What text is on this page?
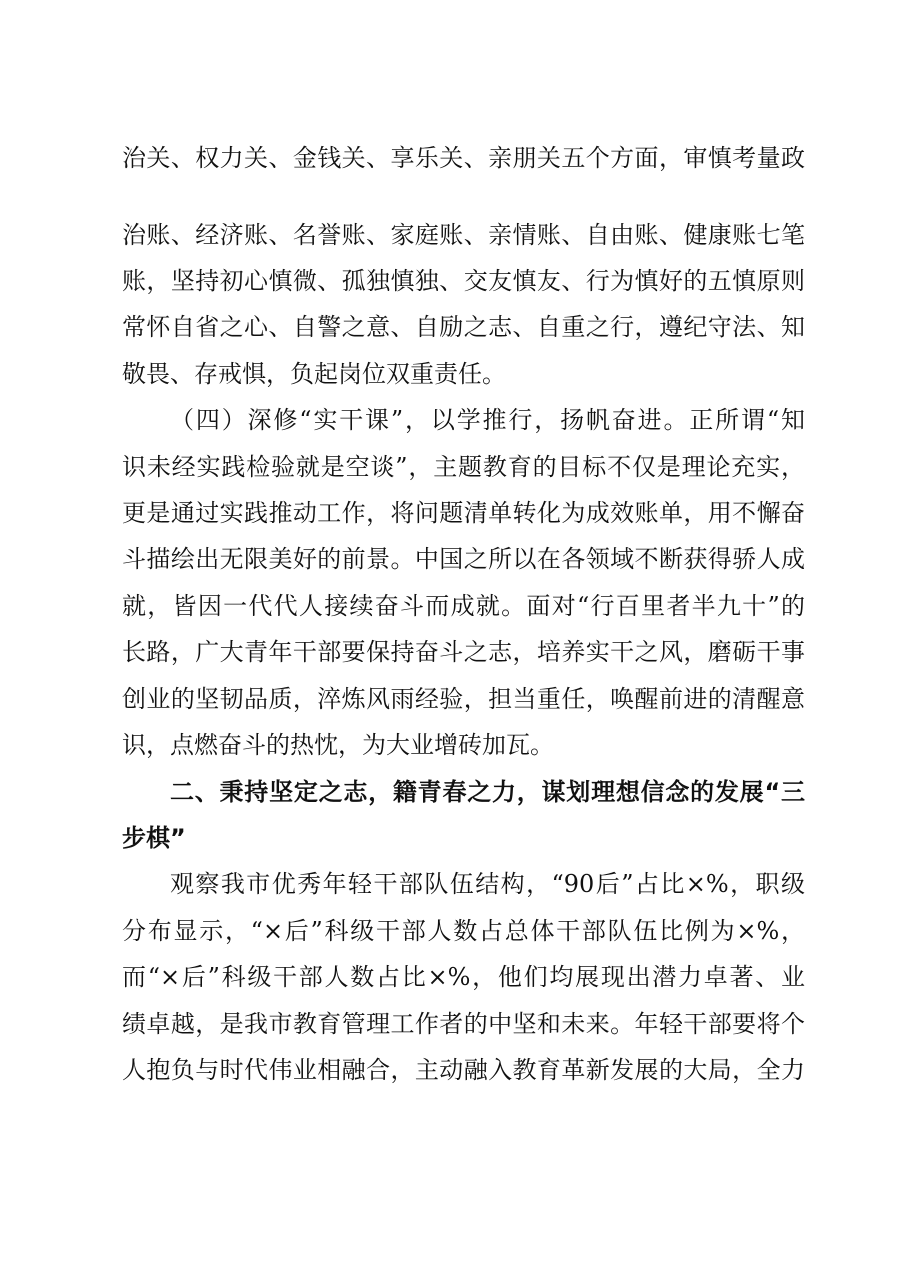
治关、权力关、金钱关、享乐关、亲朋关五个方面，审慎考量政
治账、经济账、名誉账、家庭账、亲情账、自由账、健康账七笔
账，坚持初心慎微、孤独慎独、交友慎友、行为慎好的五慎原则
常怀自省之心、自警之意、自励之志、自重之行，遵纪守法、知
敬畏、存戒惧，负起岗位双重责任。
（四）深修“实干课”，以学推行，扬帆奋进。正所谓“知
识未经实践检验就是空谈”，主题教育的目标不仅是理论充实，
更是通过实践推动工作，将问题清单转化为成效账单，用不懈奋
斗描绘出无限美好的前景。中国之所以在各领域不断获得骄人成
就，皆因一代代人接续奋斗而成就。面对“行百里者半九十”的
长路，广大青年干部要保持奋斗之志，培养实干之风，磨砺干事
创业的坚韧品质，淬炼风雨经验，担当重任，唤醒前进的清醒意
识，点燃奋斗的热忱，为大业增砖加瓦。
二、秉持坚定之志，籍青春之力，谋划理想信念的发展“三
步棋”
观察我市优秀年轻干部队伍结构，“90后”占比×%，职级
分布显示，“×后”科级干部人数占总体干部队伍比例为×%，
而“×后”科级干部人数占比×%，他们均展现出潜力卓著、业
绩卓越，是我市教育管理工作者的中坚和未来。年轻干部要将个
人抱负与时代伟业相融合，主动融入教育革新发展的大局，全力
